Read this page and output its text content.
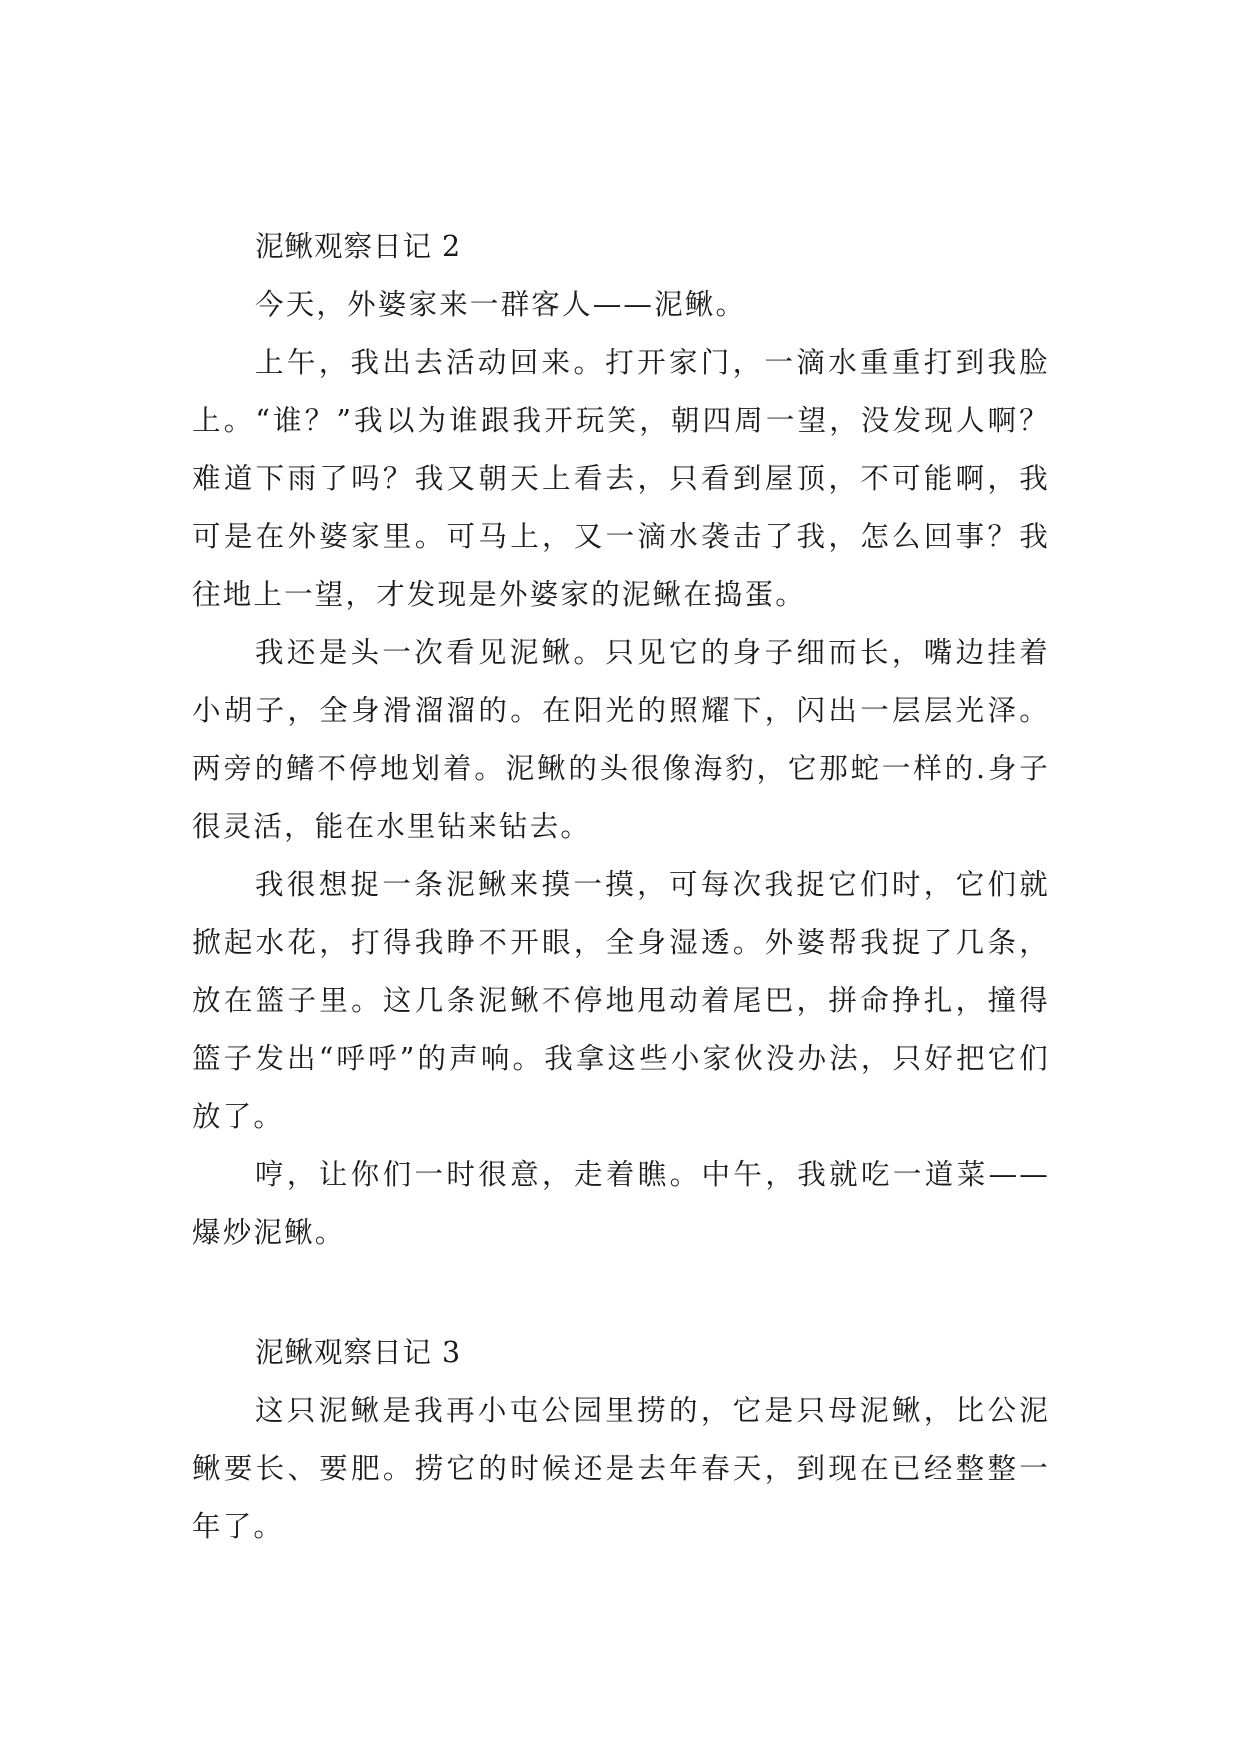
泥鳅观察日记 2

今天，外婆家来一群客人——泥鳅。

上午，我出去活动回来。打开家门，一滴水重重打到我脸上。“谁？”我以为谁跟我开玩笑，朝四周一望，没发现人啊？难道下雨了吗？我又朝天上看去，只看到屋顶，不可能啊，我可是在外婆家里。可马上，又一滴水袭击了我，怎么回事？我往地上一望，才发现是外婆家的泥鳅在捣蛋。

我还是头一次看见泥鳅。只见它的身子细而长，嘴边挂着小胡子，全身滑溜溜的。在阳光的照耀下，闪出一层层光泽。两旁的鳍不停地划着。泥鳅的头很像海豹，它那蛇一样的.身子很灵活，能在水里钻来钻去。

我很想捉一条泥鳅来摸一摸，可每次我捉它们时，它们就掀起水花，打得我睁不开眼，全身湿透。外婆帮我捉了几条，放在篮子里。这几条泥鳅不停地甩动着尾巴，拼命挣扎，撞得篮子发出“呼呼”的声响。我拿这些小家伙没办法，只好把它们放了。

哼，让你们一时很意，走着瞧。中午，我就吃一道菜——爆炒泥鳅。

泥鳅观察日记 3

这只泥鳅是我再小屯公园里捞的，它是只母泥鳅，比公泥鳅要长、要肥。捞它的时候还是去年春天，到现在已经整整一年了。
